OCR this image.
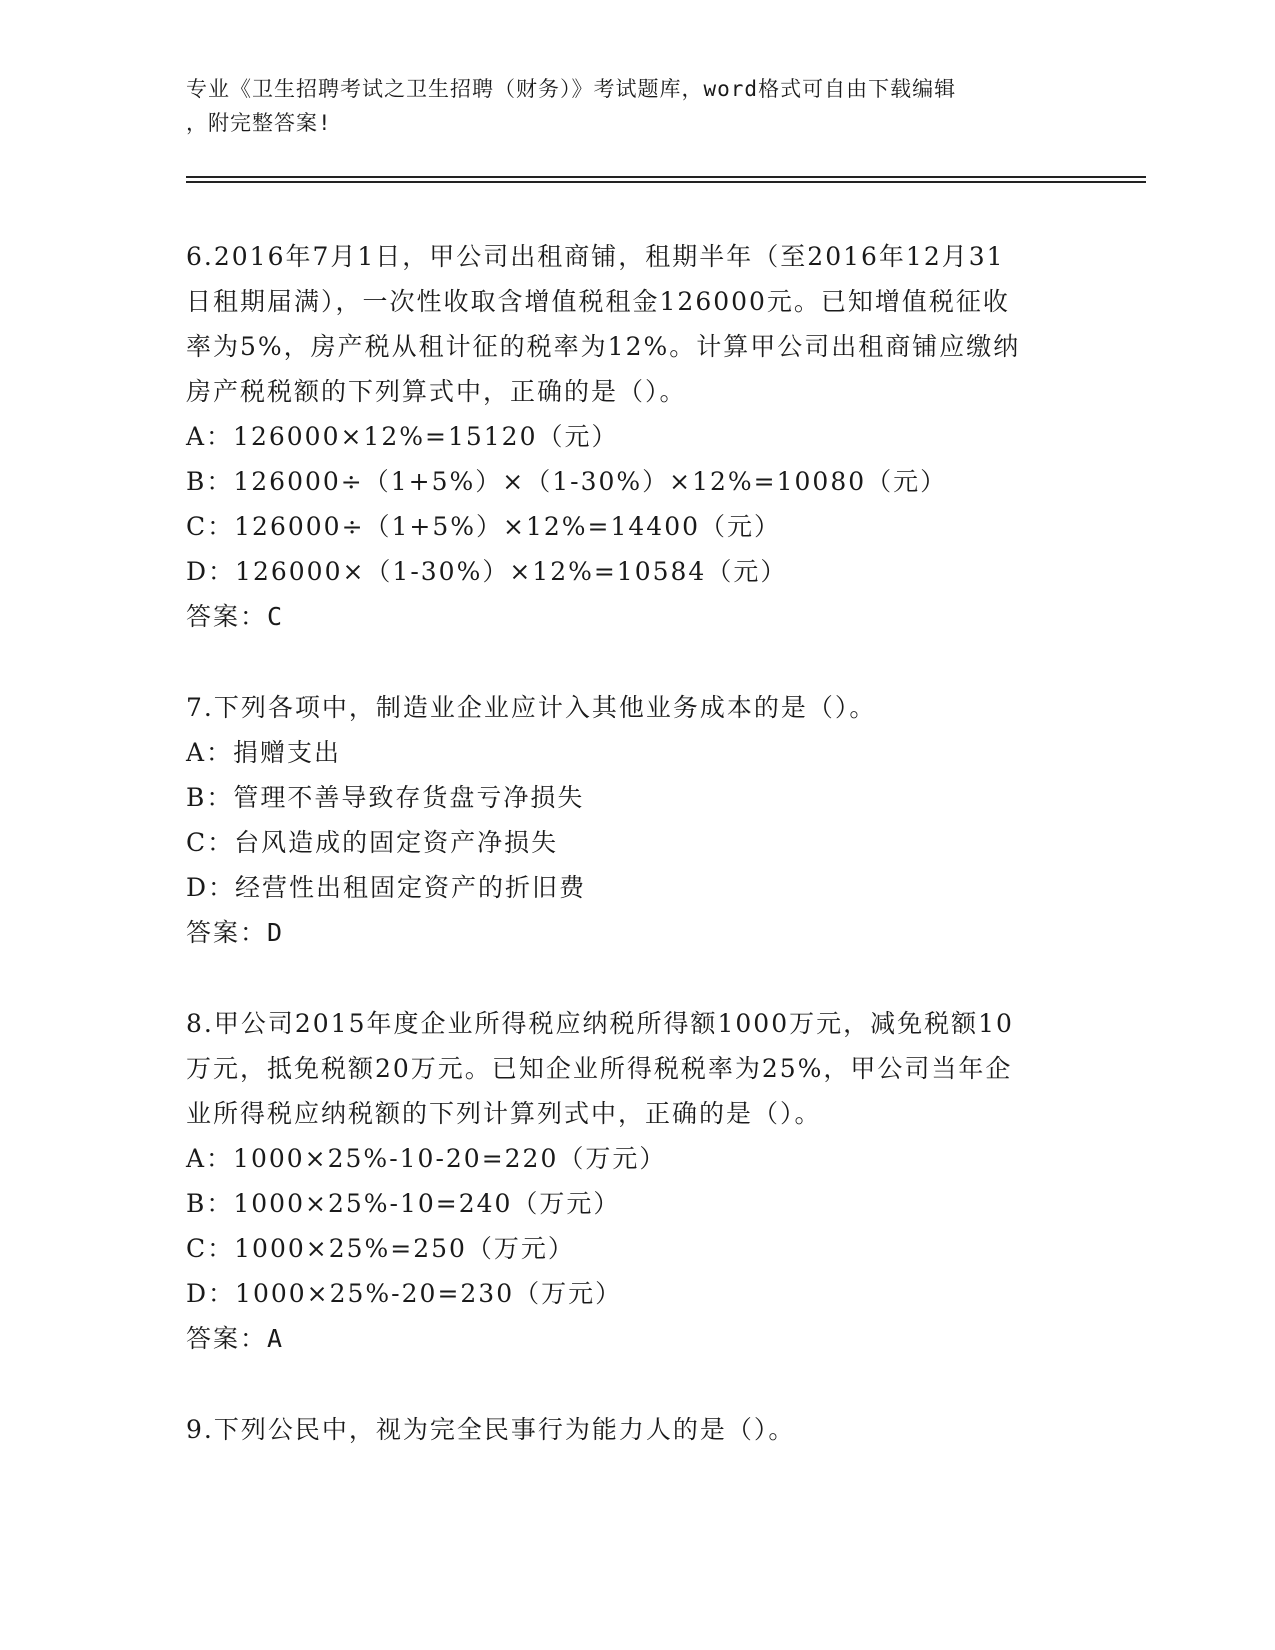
专业《卫生招聘考试之卫生招聘（财务）》考试题库，word格式可自由下载编辑
，附完整答案!
6.2016年7月1日，甲公司出租商铺，租期半年（至2016年12月31
日租期届满），一次性收取含增值税租金126000元。已知增值税征收
率为5%，房产税从租计征的税率为12%。计算甲公司出租商铺应缴纳
房产税税额的下列算式中，正确的是（）。
A：126000×12%=15120（元）
B：126000÷（1+5%）×（1-30%）×12%=10080（元）
C：126000÷（1+5%）×12%=14400（元）
D：126000×（1-30%）×12%=10584（元）
答案：C
7.下列各项中，制造业企业应计入其他业务成本的是（）。
A：捐赠支出
B：管理不善导致存货盘亏净损失
C：台风造成的固定资产净损失
D：经营性出租固定资产的折旧费
答案：D
8.甲公司2015年度企业所得税应纳税所得额1000万元，减免税额10
万元，抵免税额20万元。已知企业所得税税率为25%，甲公司当年企
业所得税应纳税额的下列计算列式中，正确的是（）。
A：1000×25%-10-20=220（万元）
B：1000×25%-10=240（万元）
C：1000×25%=250（万元）
D：1000×25%-20=230（万元）
答案：A
9.下列公民中，视为完全民事行为能力人的是（）。
